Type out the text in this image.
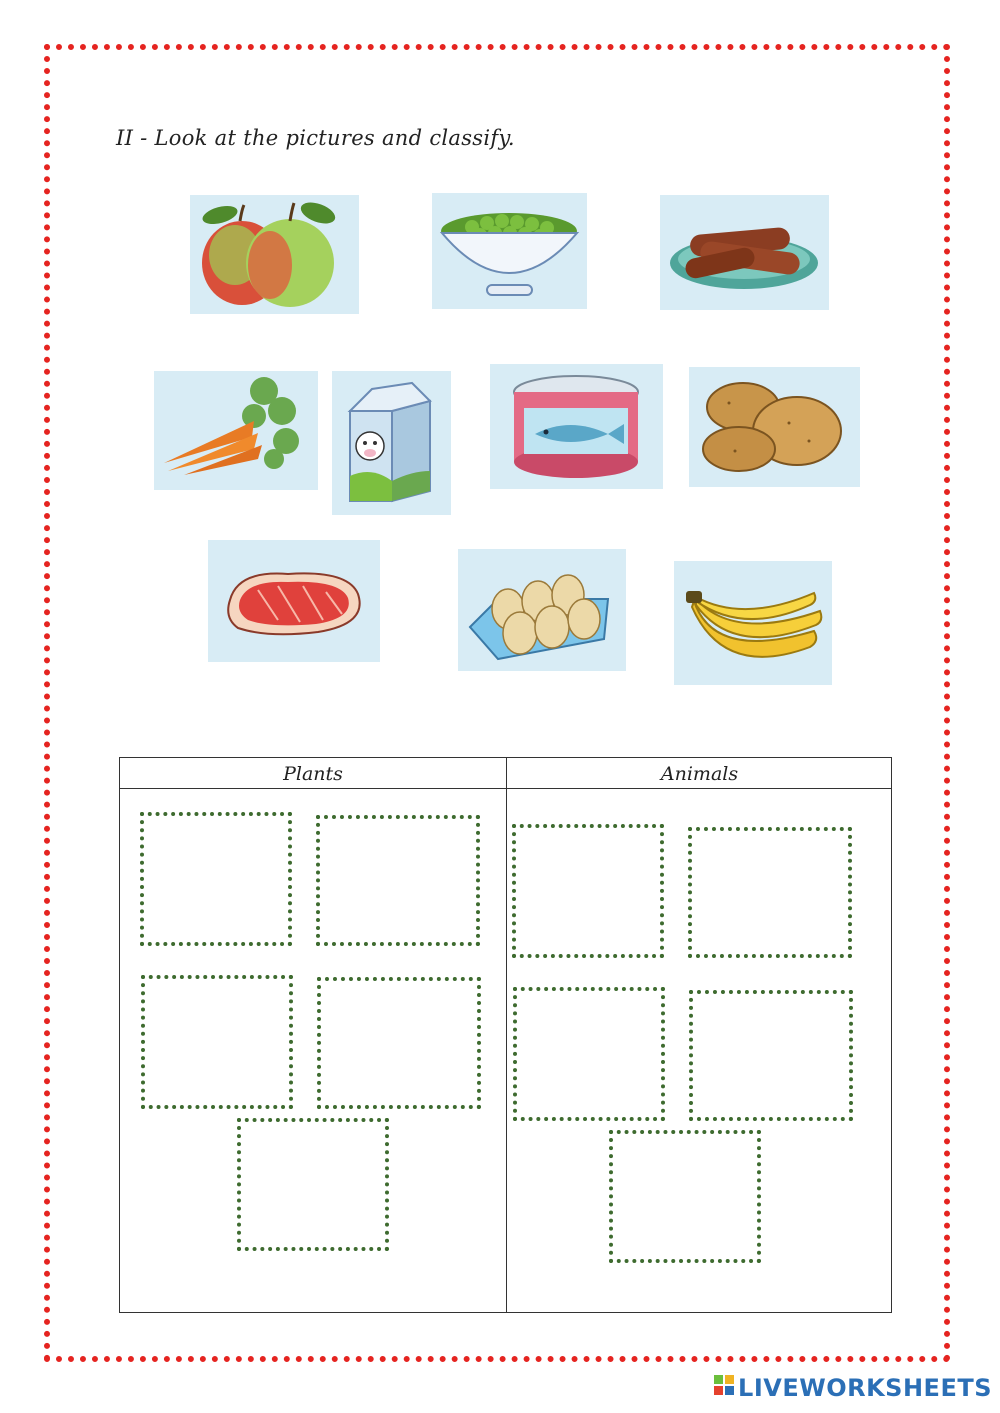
II - Look at the pictures and classify.
Plants	Animals
LIVEWORKSHEETS
